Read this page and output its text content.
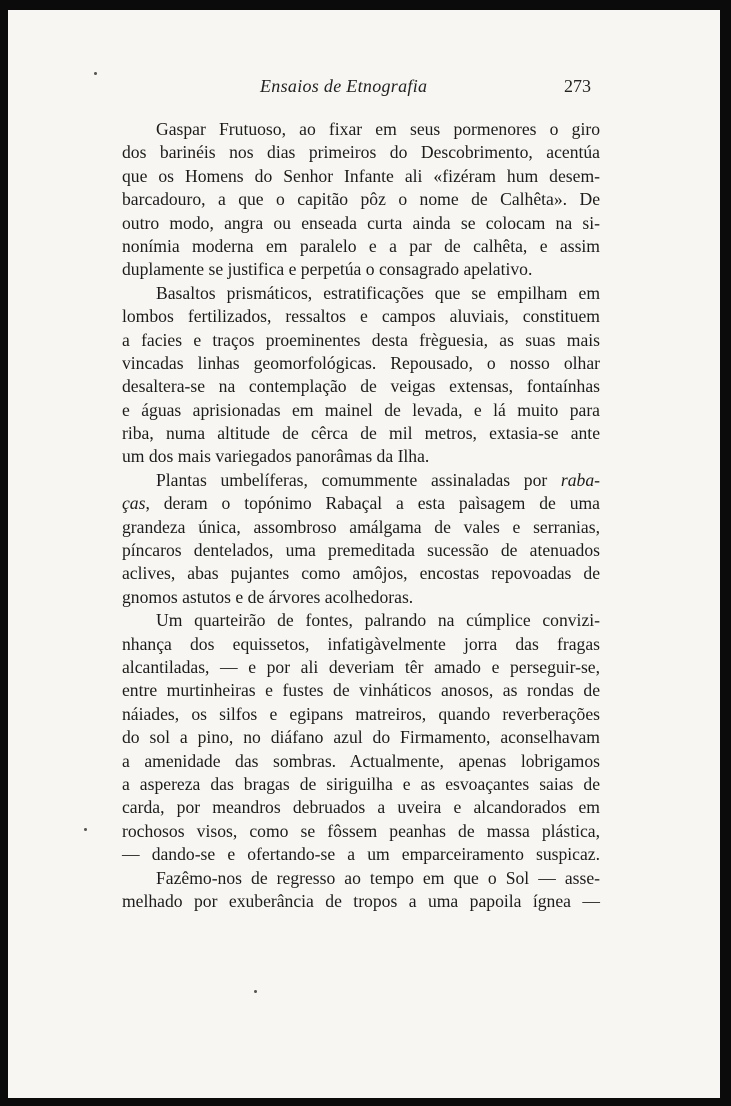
Ensaios de Etnografia	273
Gaspar Frutuoso, ao fixar em seus pormenores o giro
dos barinéis nos dias primeiros do Descobrimento, acentúa
que os Homens do Senhor Infante ali «fizéram hum desem-
barcadouro, a que o capitão pôz o nome de Calhêta». De
outro modo, angra ou enseada curta ainda se colocam na si-
nonímia moderna em paralelo e a par de calhêta, e assim
duplamente se justifica e perpetúa o consagrado apelativo.
Basaltos prismáticos, estratificações que se empilham em
lombos fertilizados, ressaltos e campos aluviais, constituem
a facies e traços proeminentes desta frèguesia, as suas mais
vincadas linhas geomorfológicas. Repousado, o nosso olhar
desaltera-se na contemplação de veigas extensas, fontaínhas
e águas aprisionadas em mainel de levada, e lá muito para
riba, numa altitude de cêrca de mil metros, extasia-se ante
um dos mais variegados panorâmas da Ilha.
Plantas umbelíferas, comummente assinaladas por raba-
ças, deram o topónimo Rabaçal a esta paìsagem de uma
grandeza única, assombroso amálgama de vales e serranias,
píncaros dentelados, uma premeditada sucessão de atenuados
aclives, abas pujantes como amôjos, encostas repovoadas de
gnomos astutos e de árvores acolhedoras.
Um quarteirão de fontes, palrando na cúmplice convizi-
nhança dos equissetos, infatigàvelmente jorra das fragas
alcantiladas, — e por ali deveriam têr amado e perseguir-se,
entre murtinheiras e fustes de vinháticos anosos, as rondas de
náiades, os silfos e egipans matreiros, quando reverberações
do sol a pino, no diáfano azul do Firmamento, aconselhavam
a amenidade das sombras. Actualmente, apenas lobrigamos
a aspereza das bragas de siriguilha e as esvoaçantes saias de
carda, por meandros debruados a uveira e alcandorados em
rochosos visos, como se fôssem peanhas de massa plástica,
— dando-se e ofertando-se a um emparceiramento suspicaz.
Fazêmo-nos de regresso ao tempo em que o Sol — asse-
melhado por exuberância de tropos a uma papoila ígnea —
